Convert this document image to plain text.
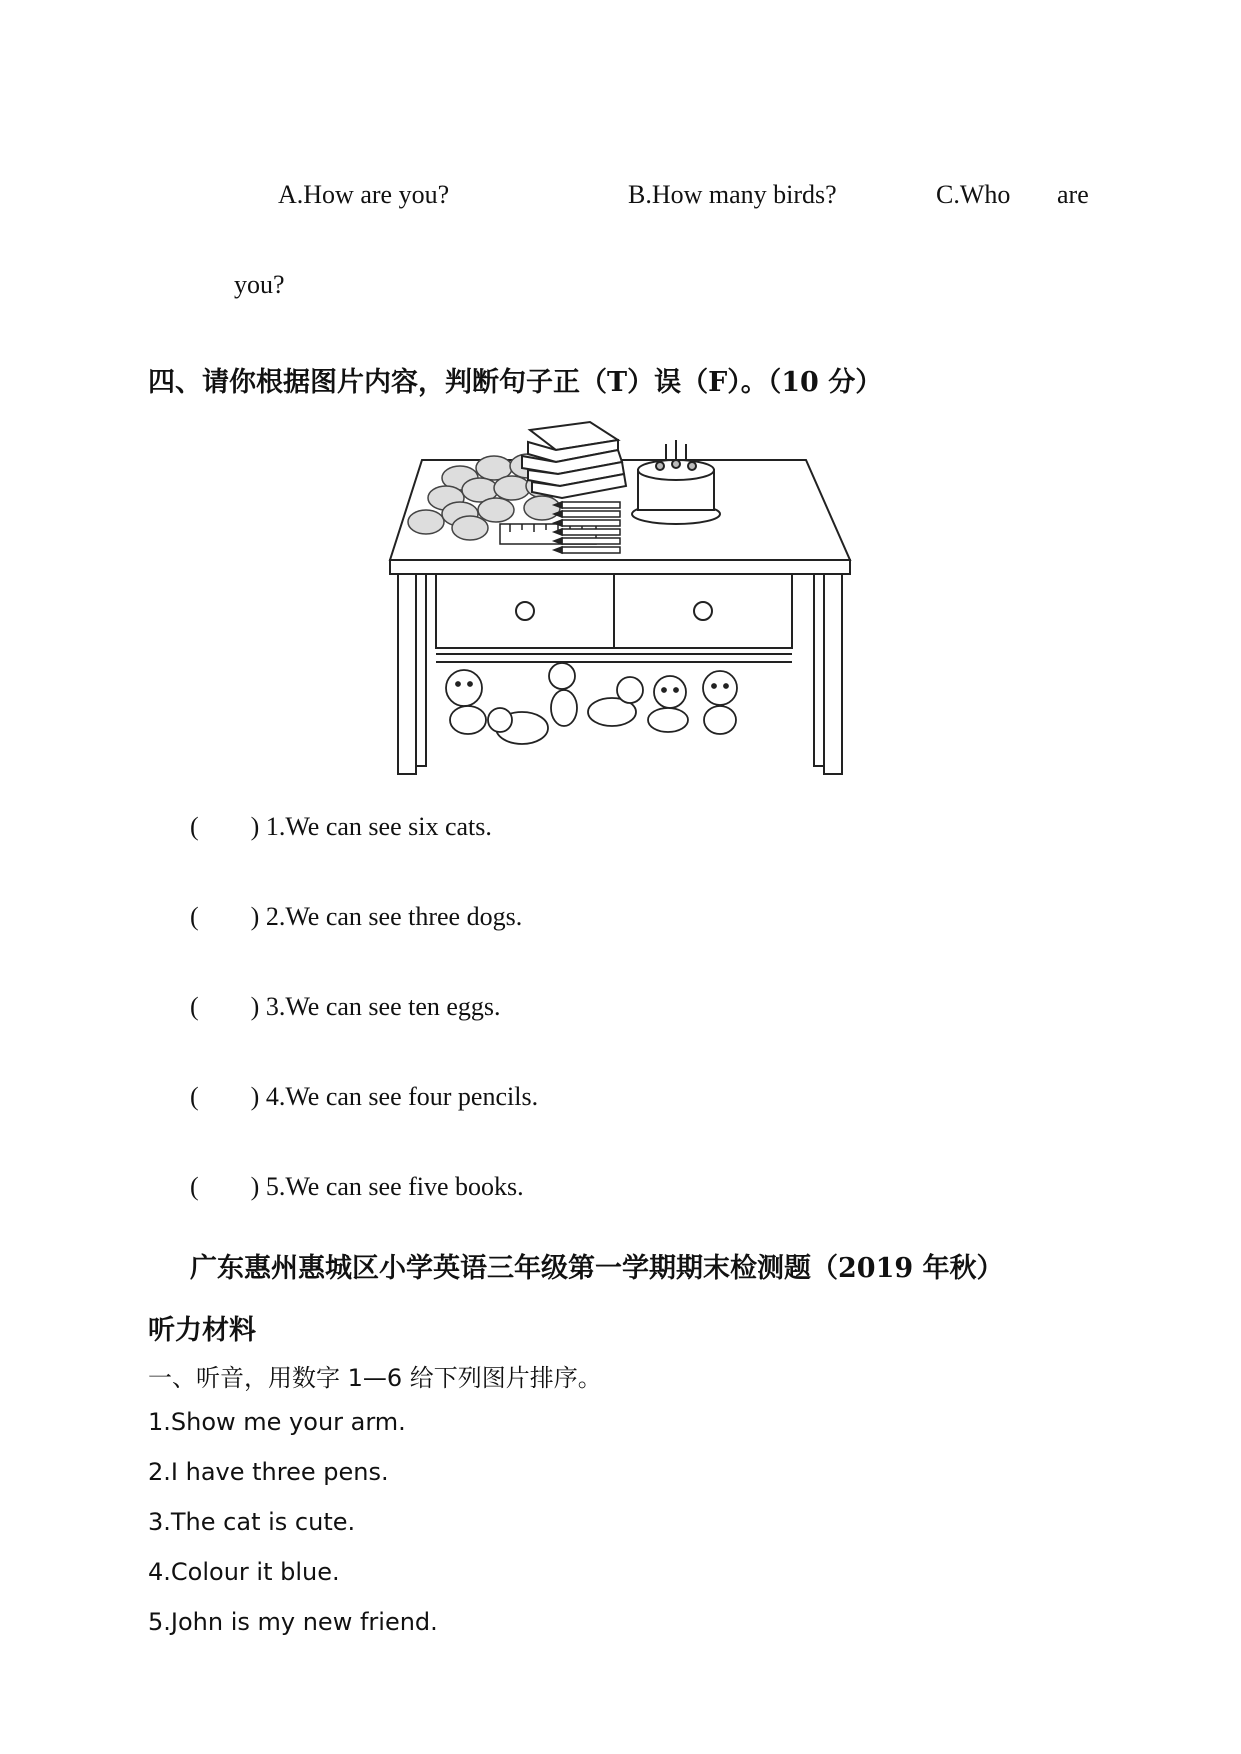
A.How are you?	B.How many birds?	C.Who are
you?
四、请你根据图片内容，判断句子正（T）误（F）。（10 分）
( ) 1.We can see six cats.
( ) 2.We can see three dogs.
( ) 3.We can see ten eggs.
( ) 4.We can see four pencils.
( ) 5.We can see five books.
广东惠州惠城区小学英语三年级第一学期期末检测题（2019 年秋）
听力材料
一、听音，用数字 1—6 给下列图片排序。
1.Show me your arm.
2.I have three pens.
3.The cat is cute.
4.Colour it blue.
5.John is my new friend.
